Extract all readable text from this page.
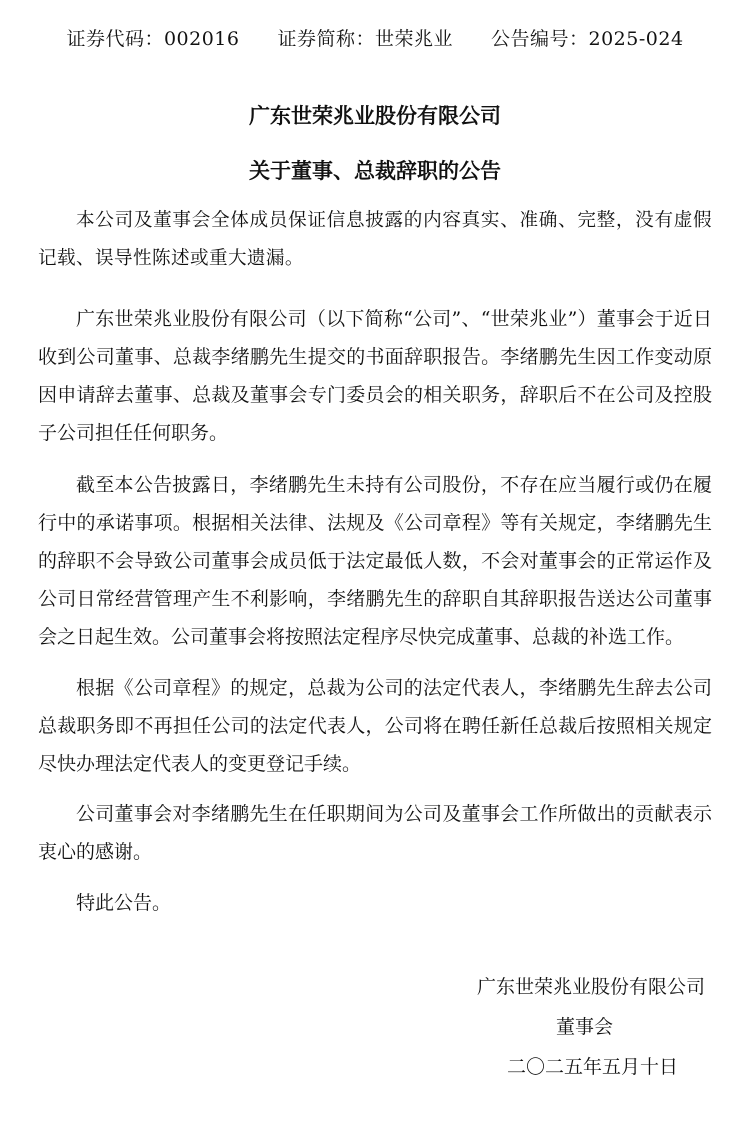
证券代码：002016 证券简称：世荣兆业 公告编号：2025-024
广东世荣兆业股份有限公司
关于董事、总裁辞职的公告

本公司及董事会全体成员保证信息披露的内容真实、准确、完整，没有虚假记载、误导性陈述或重大遗漏。

广东世荣兆业股份有限公司（以下简称“公司”、“世荣兆业”）董事会于近日收到公司董事、总裁李绪鹏先生提交的书面辞职报告。李绪鹏先生因工作变动原因申请辞去董事、总裁及董事会专门委员会的相关职务，辞职后不在公司及控股子公司担任任何职务。

截至本公告披露日，李绪鹏先生未持有公司股份，不存在应当履行或仍在履行中的承诺事项。根据相关法律、法规及《公司章程》等有关规定，李绪鹏先生的辞职不会导致公司董事会成员低于法定最低人数，不会对董事会的正常运作及公司日常经营管理产生不利影响，李绪鹏先生的辞职自其辞职报告送达公司董事会之日起生效。公司董事会将按照法定程序尽快完成董事、总裁的补选工作。

根据《公司章程》的规定，总裁为公司的法定代表人，李绪鹏先生辞去公司总裁职务即不再担任公司的法定代表人，公司将在聘任新任总裁后按照相关规定尽快办理法定代表人的变更登记手续。

公司董事会对李绪鹏先生在任职期间为公司及董事会工作所做出的贡献表示衷心的感谢。

特此公告。

广东世荣兆业股份有限公司
董事会
二〇二五年五月十日
